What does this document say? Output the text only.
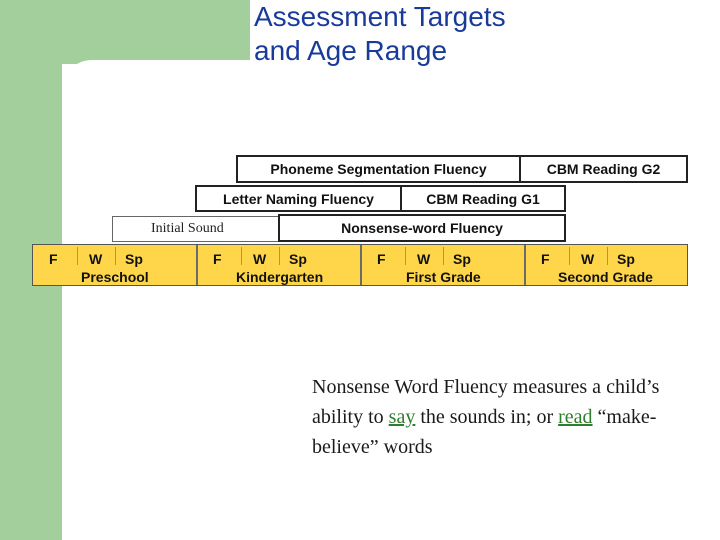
Assessment Targets
and Age Range
Phoneme Segmentation Fluency	CBM Reading G2
Letter Naming Fluency	CBM Reading G1
Initial Sound	Nonsense-word Fluency
F W Sp
Preschool
F W Sp
Kindergarten
F W Sp
First Grade
F W Sp
Second Grade
Nonsense Word Fluency measures a child’s ability to say the sounds in; or read “make-believe” words
